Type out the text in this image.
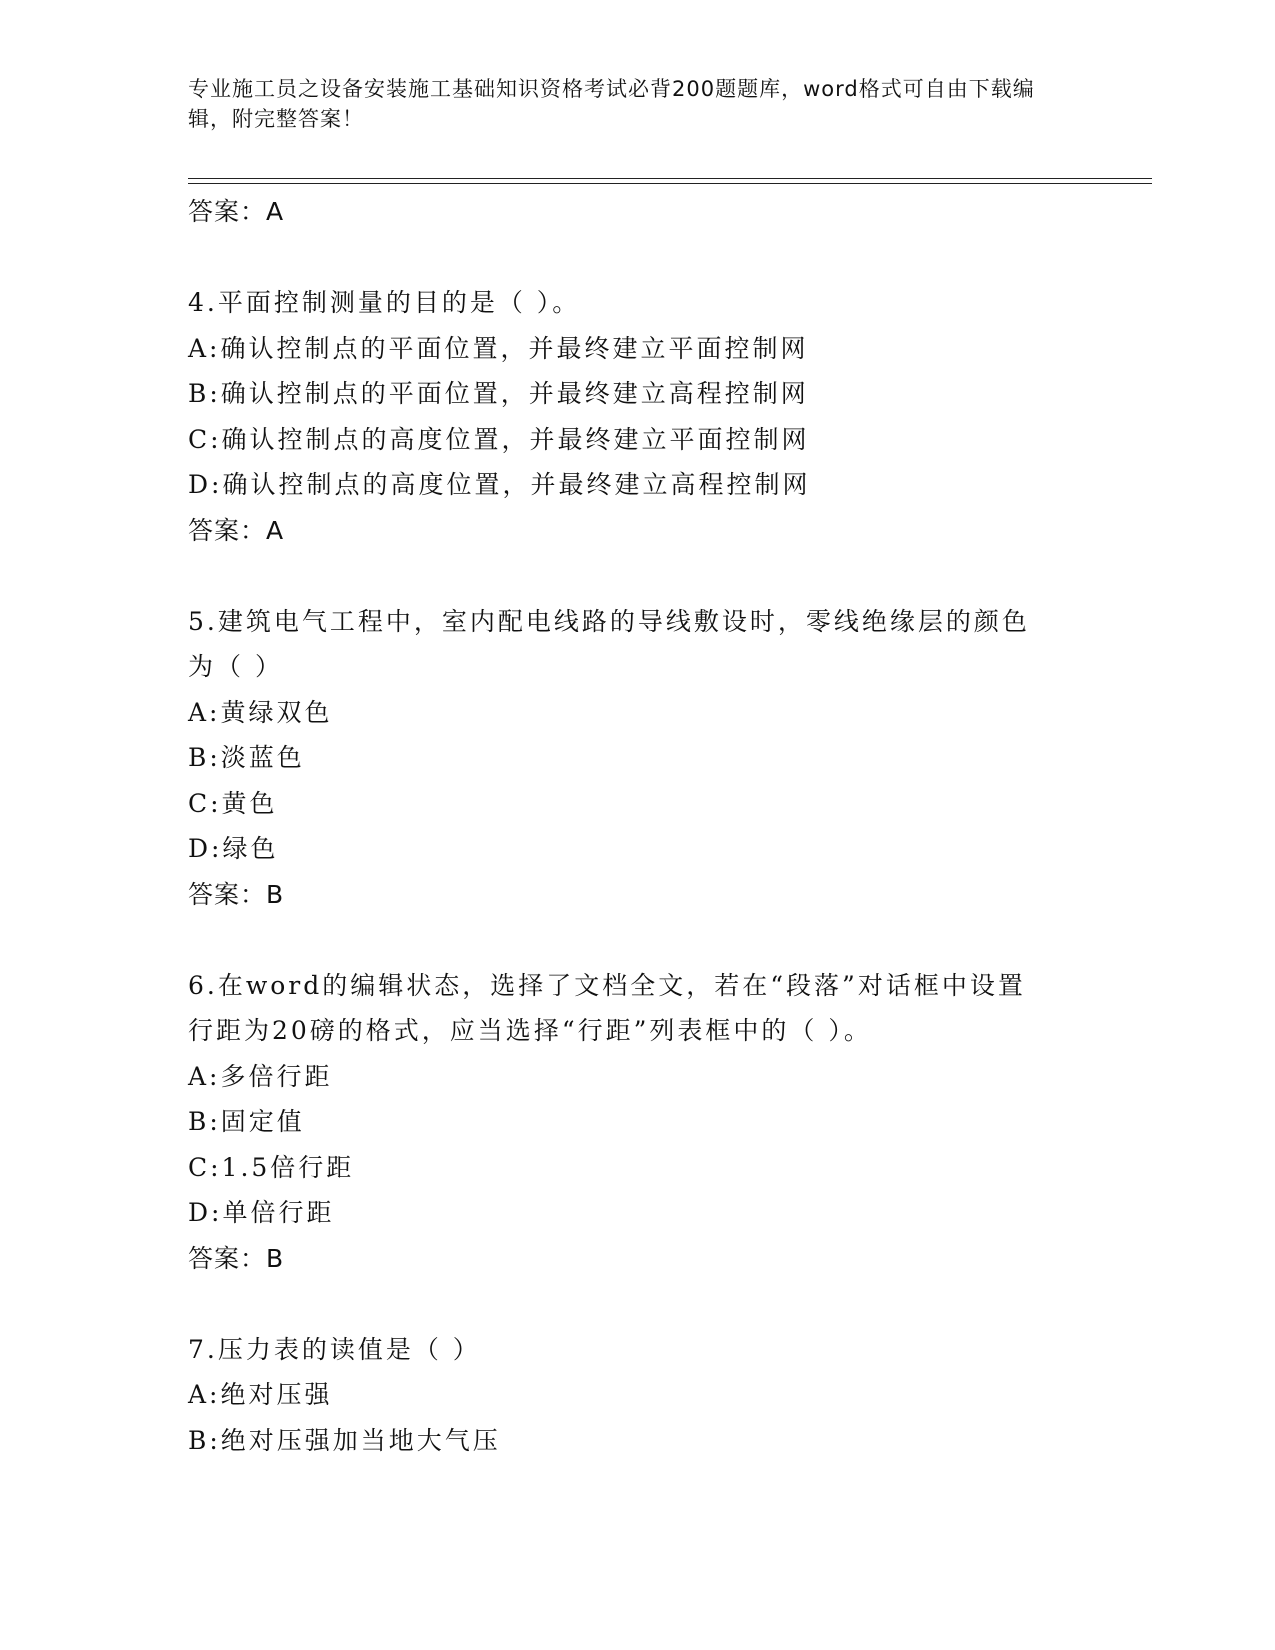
专业施工员之设备安装施工基础知识资格考试必背200题题库，word格式可自由下载编辑，附完整答案！
答案：A
4.平面控制测量的目的是（ ）。
A:确认控制点的平面位置，并最终建立平面控制网
B:确认控制点的平面位置，并最终建立高程控制网
C:确认控制点的高度位置，并最终建立平面控制网
D:确认控制点的高度位置，并最终建立高程控制网
答案：A
5.建筑电气工程中，室内配电线路的导线敷设时，零线绝缘层的颜色
为（ ）
A:黄绿双色
B:淡蓝色
C:黄色
D:绿色
答案：B
6.在word的编辑状态，选择了文档全文，若在“段落”对话框中设置
行距为20磅的格式，应当选择“行距”列表框中的（ ）。
A:多倍行距
B:固定值
C:1.5倍行距
D:单倍行距
答案：B
7.压力表的读值是（ ）
A:绝对压强
B:绝对压强加当地大气压
